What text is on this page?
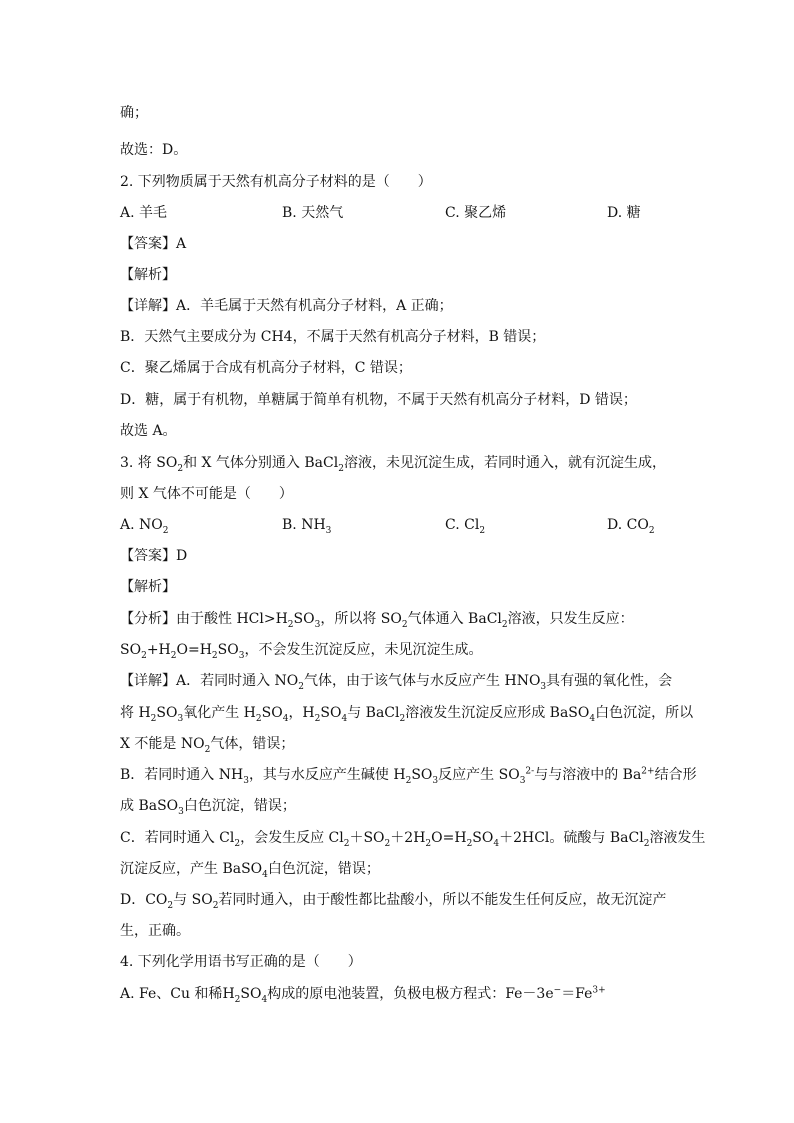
确；
故选：D。
2. 下列物质属于天然有机高分子材料的是（　　）
A. 羊毛	B. 天然气	C. 聚乙烯	D. 糖
【答案】A
【解析】
【详解】A．羊毛属于天然有机高分子材料，A 正确；
B．天然气主要成分为 CH4，不属于天然有机高分子材料，B 错误；
C．聚乙烯属于合成有机高分子材料，C 错误；
D．糖，属于有机物，单糖属于简单有机物，不属于天然有机高分子材料，D 错误；
故选 A。
3. 将 $SO_2$和 X 气体分别通入 BaCl$_2$溶液，未见沉淀生成，若同时通入，就有沉淀生成，
则 X 气体不可能是（　　）
A. $NO_2$	B. $NH_3$	C. $Cl_2$	D. $CO_2$
【答案】D
【解析】
【分析】由于酸性 $HCl>H_2SO_3$，所以将 $SO_2$气体通入 BaCl$_2$溶液，只发生反应：
$SO_2+H_2O=H_2SO_3$，不会发生沉淀反应，未见沉淀生成。
【详解】A．若同时通入 $NO_2$气体，由于该气体与水反应产生 $HNO_3$具有强的氧化性，会
将 $H_2SO_3$氧化产生 $H_2SO_4$，$H_2SO_4$与 BaCl$_2$溶液发生沉淀反应形成 BaSO$_4$白色沉淀，所以
X 不能是 $NO_2$气体，错误；
B．若同时通入 $NH_3$，其与水反应产生碱使 $H_2SO_3$反应产生 $SO_3^{2-}$与与溶液中的 $Ba^{2+}$结合形
成 BaSO$_3$白色沉淀，错误；
C．若同时通入 $Cl_2$，会发生反应 $Cl_2+SO_2+2H_2O=H_2SO_4+2HCl$。硫酸与 BaCl$_2$溶液发生
沉淀反应，产生 BaSO$_4$白色沉淀，错误；
D．$CO_2$与 $SO_2$若同时通入，由于酸性都比盐酸小，所以不能发生任何反应，故无沉淀产
生，正确。
4. 下列化学用语书写正确的是（　　）
A. Fe、Cu 和稀$H_2SO_4$构成的原电池装置，负极电极方程式：$Fe-3e^-=Fe^{3+}$
